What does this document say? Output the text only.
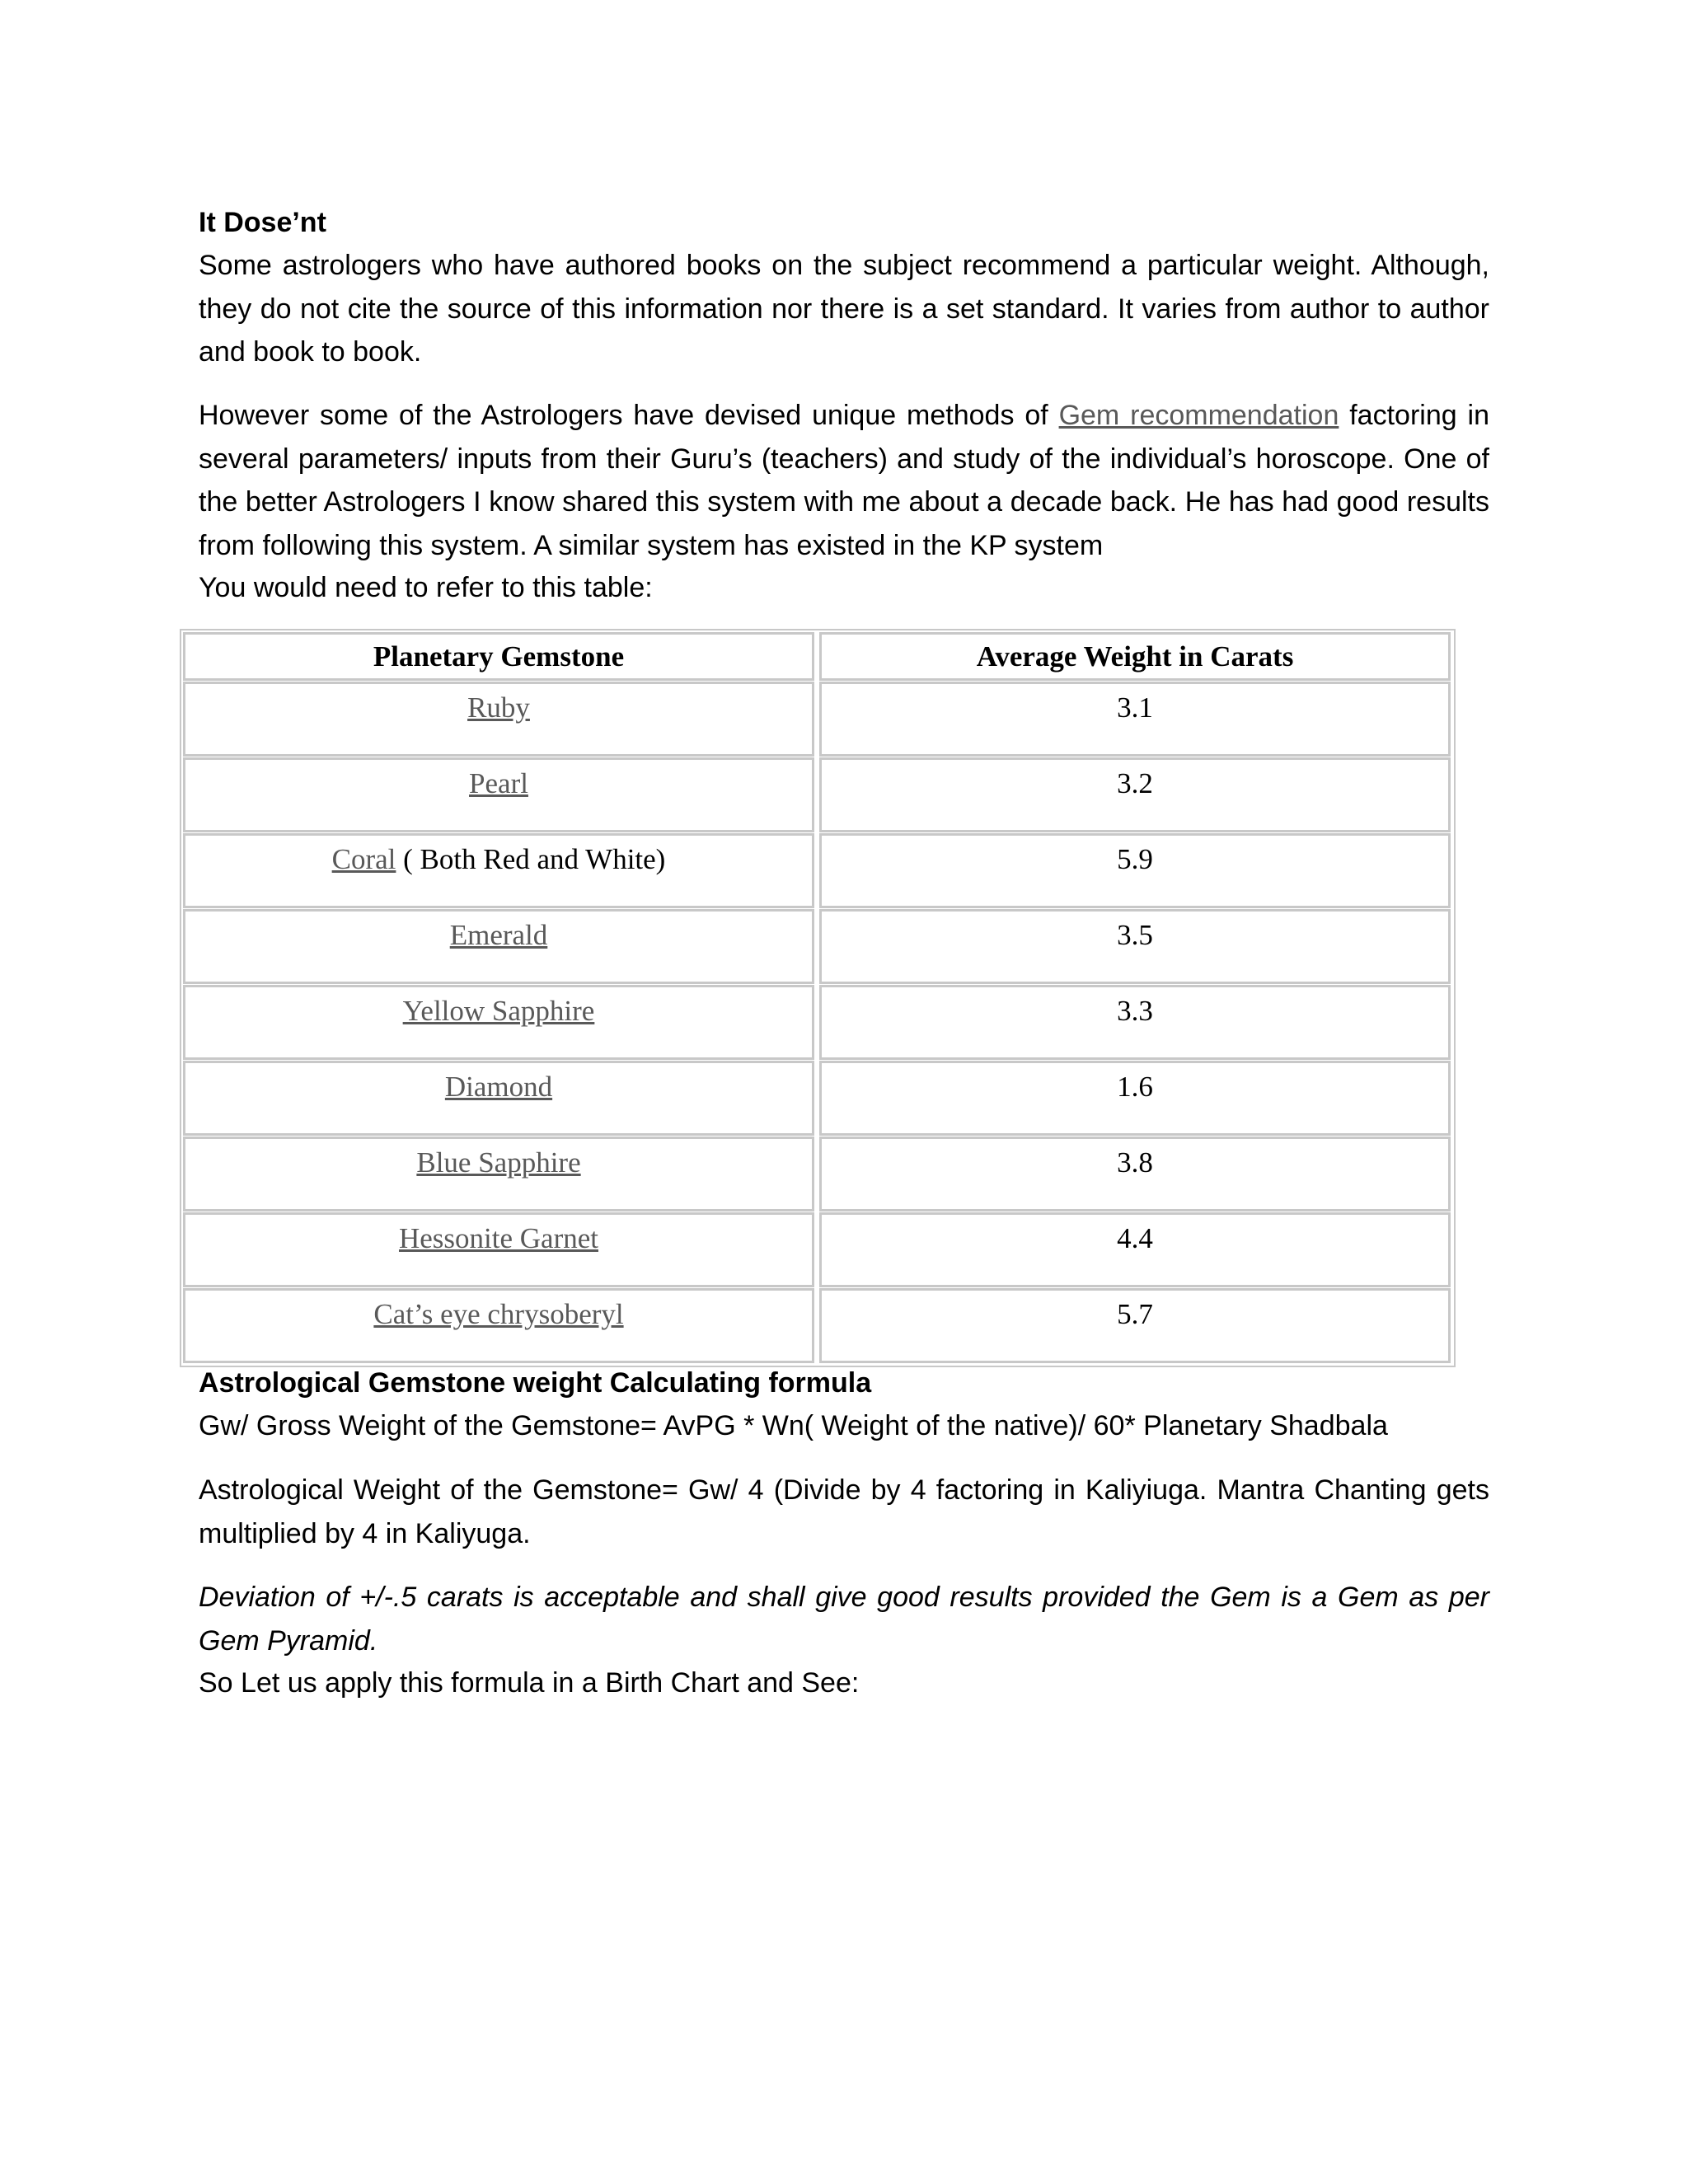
It Dose’nt

Some astrologers who have authored books on the subject recommend a particular weight. Although, they do not cite the source of this information nor there is a set standard. It varies from author to author and book to book.

However some of the Astrologers have devised unique methods of Gem recommendation factoring in several parameters/ inputs from their Guru’s (teachers) and study of the individual’s horoscope. One of the better Astrologers I know shared this system with me about a decade back. He has had good results from following this system. A similar system has existed in the KP system

You would need to refer to this table:
Planetary Gemstone	Average Weight in Carats
Ruby	3.1
Pearl	3.2
Coral ( Both Red and White)	5.9
Emerald	3.5
Yellow Sapphire	3.3
Diamond	1.6
Blue Sapphire	3.8
Hessonite Garnet	4.4
Cat’s eye chrysoberyl	5.7
Astrological Gemstone weight Calculating formula
Gw/ Gross Weight of the Gemstone= AvPG * Wn( Weight of the native)/ 60* Planetary Shadbala

Astrological Weight of the Gemstone= Gw/ 4 (Divide by 4 factoring in Kaliyiuga. Mantra Chanting gets multiplied by 4 in Kaliyuga.

Deviation of +/-.5 carats is acceptable and shall give good results provided the Gem is a Gem as per Gem Pyramid.

So Let us apply this formula in a Birth Chart and See:
